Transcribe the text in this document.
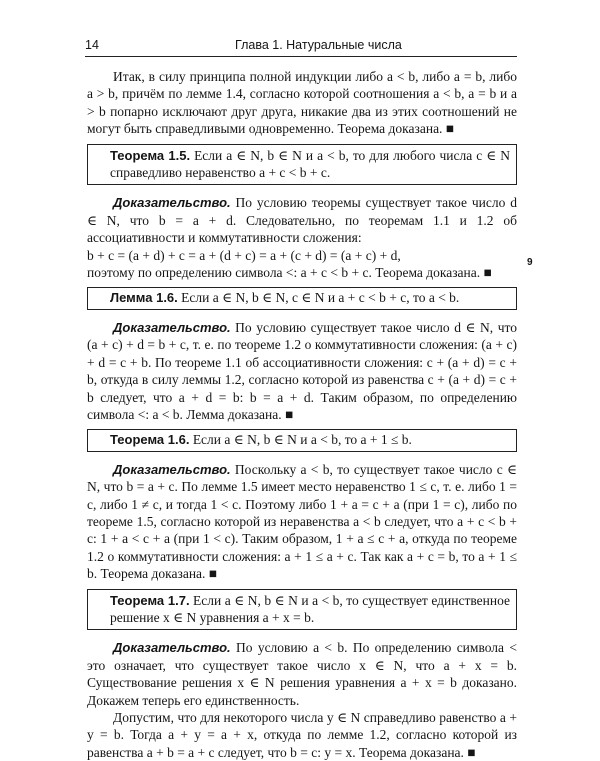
14	Глава 1. Натуральные числа
9

Итак, в силу принципа полной индукции либо a < b, либо a = b, либо a > b, причём по лемме 1.4, согласно которой соотношения a < b, a = b и a > b попарно исключают друг друга, никакие два из этих соотношений не могут быть справедливыми одновременно. Теорема доказана. ■

Теорема 1.5. Если a ∈ N, b ∈ N и a < b, то для любого числа c ∈ N справедливо неравенство a + c < b + c.

Доказательство. По условию теоремы существует такое число d ∈ N, что b = a + d. Следовательно, по теоремам 1.1 и 1.2 об ассоциативности и коммутативности сложения:

b + c = (a + d) + c = a + (d + c) = a + (c + d) = (a + c) + d,

поэтому по определению символа <: a + c < b + c. Теорема доказана. ■

Лемма 1.6. Если a ∈ N, b ∈ N, c ∈ N и a + c < b + c, то a < b.

Доказательство. По условию существует такое число d ∈ N, что (a + c) + d = b + c, т. е. по теореме 1.2 о коммутативности сложения: (a + c) + d = c + b. По теореме 1.1 об ассоциативности сложения: c + (a + d) = c + b, откуда в силу леммы 1.2, согласно которой из равенства c + (a + d) = c + b следует, что a + d = b: b = a + d. Таким образом, по определению символа <: a < b. Лемма доказана. ■

Теорема 1.6. Если a ∈ N, b ∈ N и a < b, то a + 1 ≤ b.

Доказательство. Поскольку a < b, то существует такое число c ∈ N, что b = a + c. По лемме 1.5 имеет место неравенство 1 ≤ c, т. е. либо 1 = c, либо 1 ≠ c, и тогда 1 < c. Поэтому либо 1 + a = c + a (при 1 = c), либо по теореме 1.5, согласно которой из неравенства a < b следует, что a + c < b + c: 1 + a < c + a (при 1 < c). Таким образом, 1 + a ≤ c + a, откуда по теореме 1.2 о коммутативности сложения: a + 1 ≤ a + c. Так как a + c = b, то a + 1 ≤ b. Теорема доказана. ■

Теорема 1.7. Если a ∈ N, b ∈ N и a < b, то существует единственное решение x ∈ N уравнения a + x = b.

Доказательство. По условию a < b. По определению символа < это означает, что существует такое число x ∈ N, что a + x = b. Существование решения x ∈ N решения уравнения a + x = b доказано. Докажем теперь его единственность.

Допустим, что для некоторого числа y ∈ N справедливо равенство a + y = b. Тогда a + y = a + x, откуда по лемме 1.2, согласно которой из равенства a + b = a + c следует, что b = c: y = x. Теорема доказана. ■
